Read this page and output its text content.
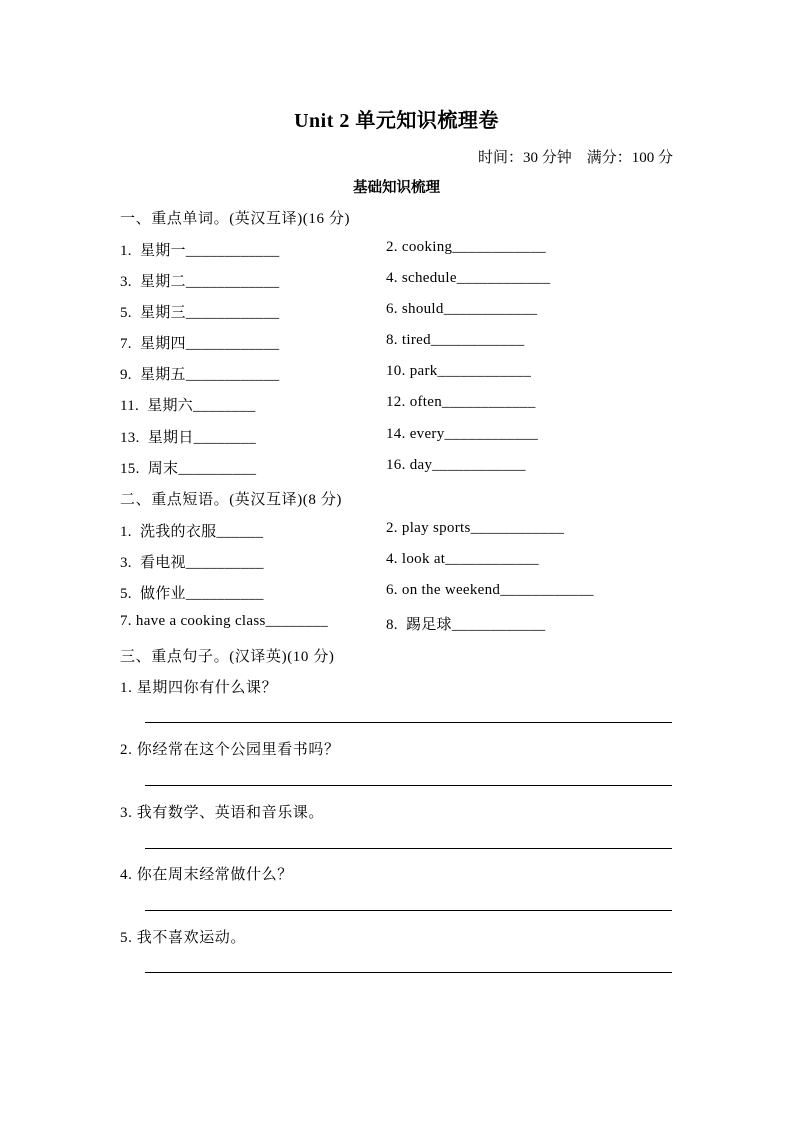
Unit 2 单元知识梳理卷
时间：30 分钟    满分：100 分
基础知识梳理
一、重点单词。(英汉互译)(16 分)
1.  星期一____________	2. cooking____________
3.  星期二____________	4. schedule____________
5.  星期三____________	6. should____________
7.  星期四____________	8. tired____________
9.  星期五____________	10. park____________
11.  星期六________	12. often____________
13.  星期日________	14. every____________
15.  周末__________	16. day____________
二、重点短语。(英汉互译)(8 分)
1.  洗我的衣服______	2. play sports____________
3.  看电视__________	4. look at____________
5.  做作业__________	6. on the weekend____________
7. have a cooking class________	8.  踢足球____________
三、重点句子。(汉译英)(10 分)
1. 星期四你有什么课？
2. 你经常在这个公园里看书吗？
3. 我有数学、英语和音乐课。
4. 你在周末经常做什么？
5. 我不喜欢运动。
